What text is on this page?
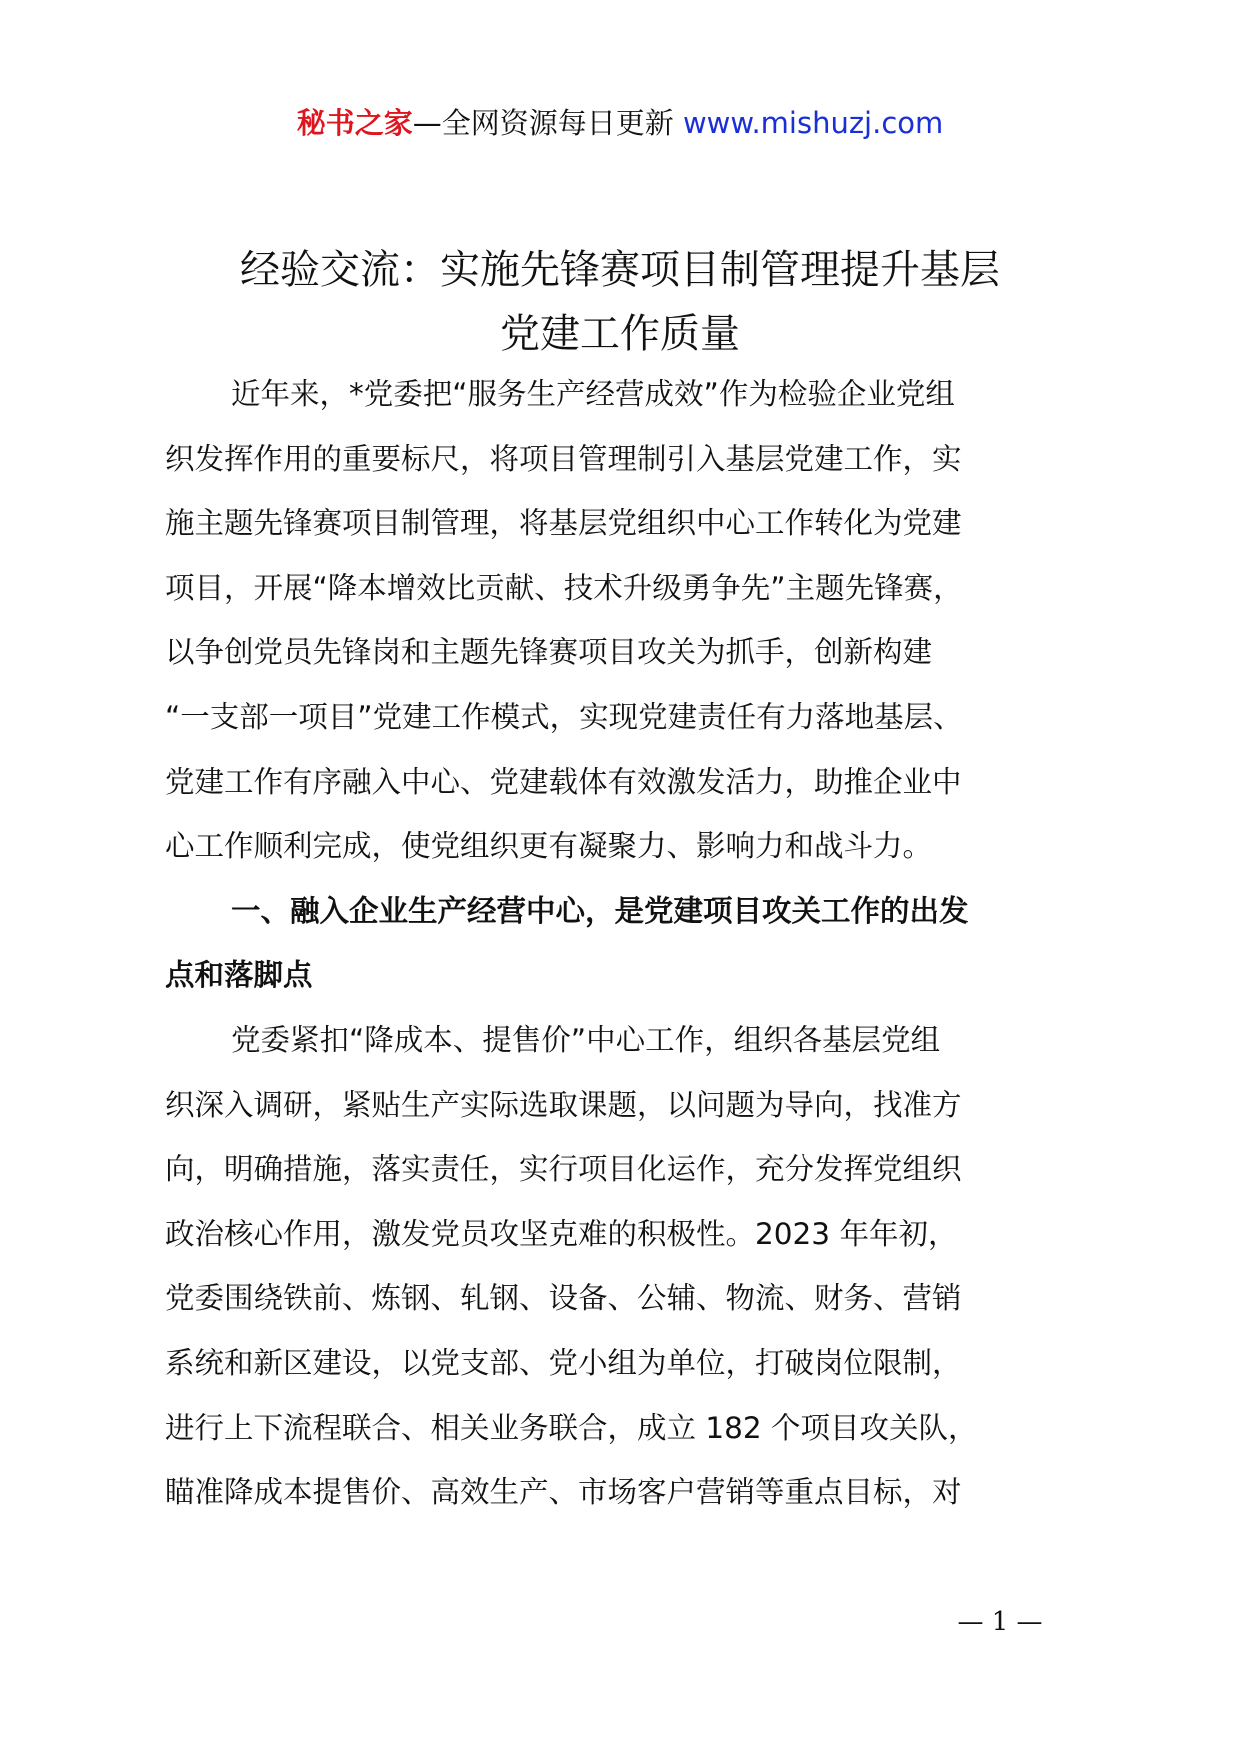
秘书之家—全网资源每日更新 www.mishuzj.com
经验交流：实施先锋赛项目制管理提升基层
党建工作质量
近年来，*党委把“服务生产经营成效”作为检验企业党组
织发挥作用的重要标尺，将项目管理制引入基层党建工作，实
施主题先锋赛项目制管理，将基层党组织中心工作转化为党建
项目，开展“降本增效比贡献、技术升级勇争先”主题先锋赛，
以争创党员先锋岗和主题先锋赛项目攻关为抓手，创新构建
“一支部一项目”党建工作模式，实现党建责任有力落地基层、
党建工作有序融入中心、党建载体有效激发活力，助推企业中
心工作顺利完成，使党组织更有凝聚力、影响力和战斗力。
一、融入企业生产经营中心，是党建项目攻关工作的出发
点和落脚点
党委紧扣“降成本、提售价”中心工作，组织各基层党组
织深入调研，紧贴生产实际选取课题，以问题为导向，找准方
向，明确措施，落实责任，实行项目化运作，充分发挥党组织
政治核心作用，激发党员攻坚克难的积极性。2023 年年初，
党委围绕铁前、炼钢、轧钢、设备、公辅、物流、财务、营销
系统和新区建设，以党支部、党小组为单位，打破岗位限制，
进行上下流程联合、相关业务联合，成立 182 个项目攻关队，
瞄准降成本提售价、高效生产、市场客户营销等重点目标，对
— 1 —
